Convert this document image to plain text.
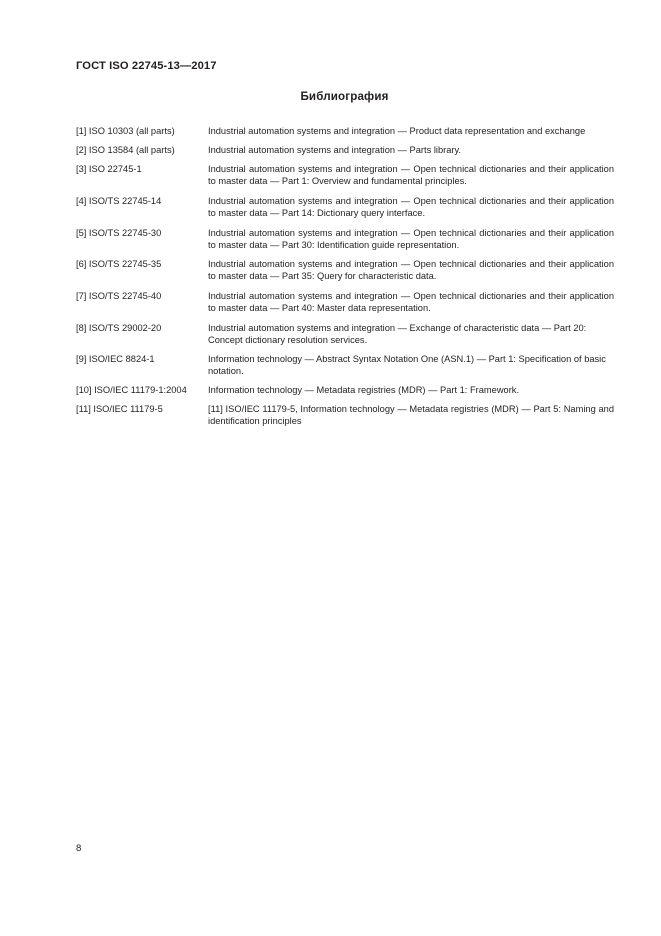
ГОСТ ISO 22745-13—2017
Библиография
[1] ISO 10303 (all parts)	Industrial automation systems and integration — Product data representation and exchange
[2] ISO 13584 (all parts)	Industrial automation systems and integration — Parts library.
[3] ISO 22745-1	Industrial automation systems and integration — Open technical dictionaries and their application to master data — Part 1: Overview and fundamental principles.
[4] ISO/TS 22745-14	Industrial automation systems and integration — Open technical dictionaries and their application to master data — Part 14: Dictionary query interface.
[5] ISO/TS 22745-30	Industrial automation systems and integration — Open technical dictionaries and their application to master data — Part 30: Identification guide representation.
[6] ISO/TS 22745-35	Industrial automation systems and integration — Open technical dictionaries and their application to master data — Part 35: Query for characteristic data.
[7] ISO/TS 22745-40	Industrial automation systems and integration — Open technical dictionaries and their application to master data — Part 40: Master data representation.
[8] ISO/TS 29002-20	Industrial automation systems and integration — Exchange of characteristic data — Part 20: Concept dictionary resolution services.
[9] ISO/IEC 8824-1	Information technology — Abstract Syntax Notation One (ASN.1) — Part 1: Specification of basic notation.
[10] ISO/IEC 11179-1:2004	Information technology — Metadata registries (MDR) — Part 1: Framework.
[11] ISO/IEC 11179-5	[11] ISO/IEC 11179-5, Information technology — Metadata registries (MDR) — Part 5: Naming and identification principles
8
